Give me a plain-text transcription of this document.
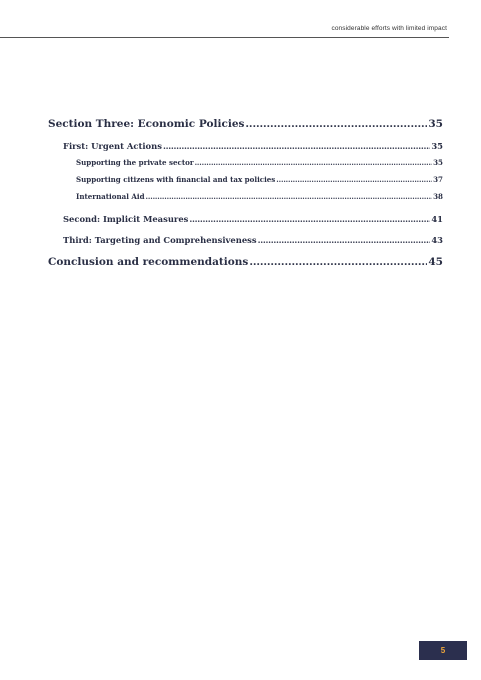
considerable efforts with limited impact
Section Three: Economic Policies . . .	35
First: Urgent Actions . . .	35
Supporting the private sector . . .	35
Supporting citizens with financial and tax policies . . .	37
International Aid . . .	38
Second: Implicit Measures . . .	41
Third: Targeting and Comprehensiveness . . .	43
Conclusion and recommendations . . .	45
5
